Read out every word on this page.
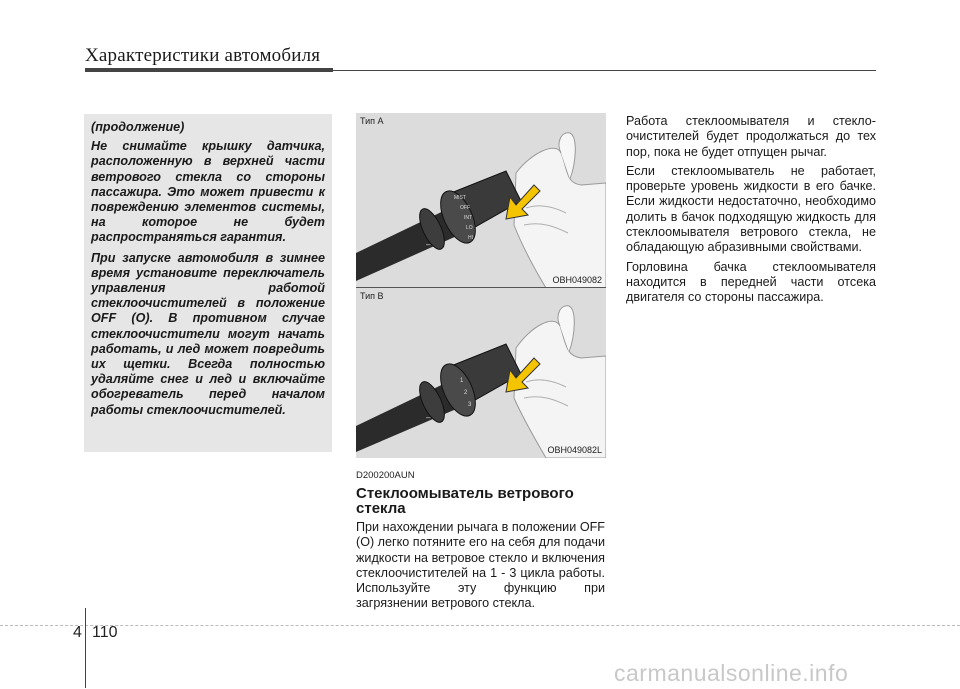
Характеристики автомобиля

(продолжение)

Не снимайте крышку датчика, расположенную в верхней части ветрового стекла со стороны пассажира. Это может привести к повреждению элементов системы, на которое не будет распространяться гарантия.

При запуске автомобиля в зимнее время установите переключатель управления работой стеклоочистителей в положение OFF (O). В противном случае стеклоочистители могут начать работать, и лед может повредить их щетки. Всегда полностью удаляйте снег и лед и включайте обогреватель перед началом работы стеклоочистителей.

MIST
OFF
INT
LO
HI
+
–
Тип А
OBH049082
1
2
3
+
–
Тип B
OBH049082L
D200200AUN
Стеклоомыватель ветрового стекла

При нахождении рычага в положении OFF (O) легко потяните его на себя для подачи жидкости на ветровое стекло и включения стеклоочистителей на 1 - 3 цикла работы. Используйте эту функцию при загрязнении ветрового стекла.

Работа стеклоомывателя и стекло-очистителей будет продолжаться до тех пор, пока не будет отпущен рычаг.

Если стеклоомыватель не работает, проверьте уровень жидкости в его бачке. Если жидкости недостаточно, необходимо долить в бачок подходящую жидкость для стеклоомывателя ветрового стекла, не обладающую абразивными свойствами.

Горловина бачка стеклоомывателя находится в передней части отсека двигателя со стороны пассажира.

4 110
carmanualsonline.info
